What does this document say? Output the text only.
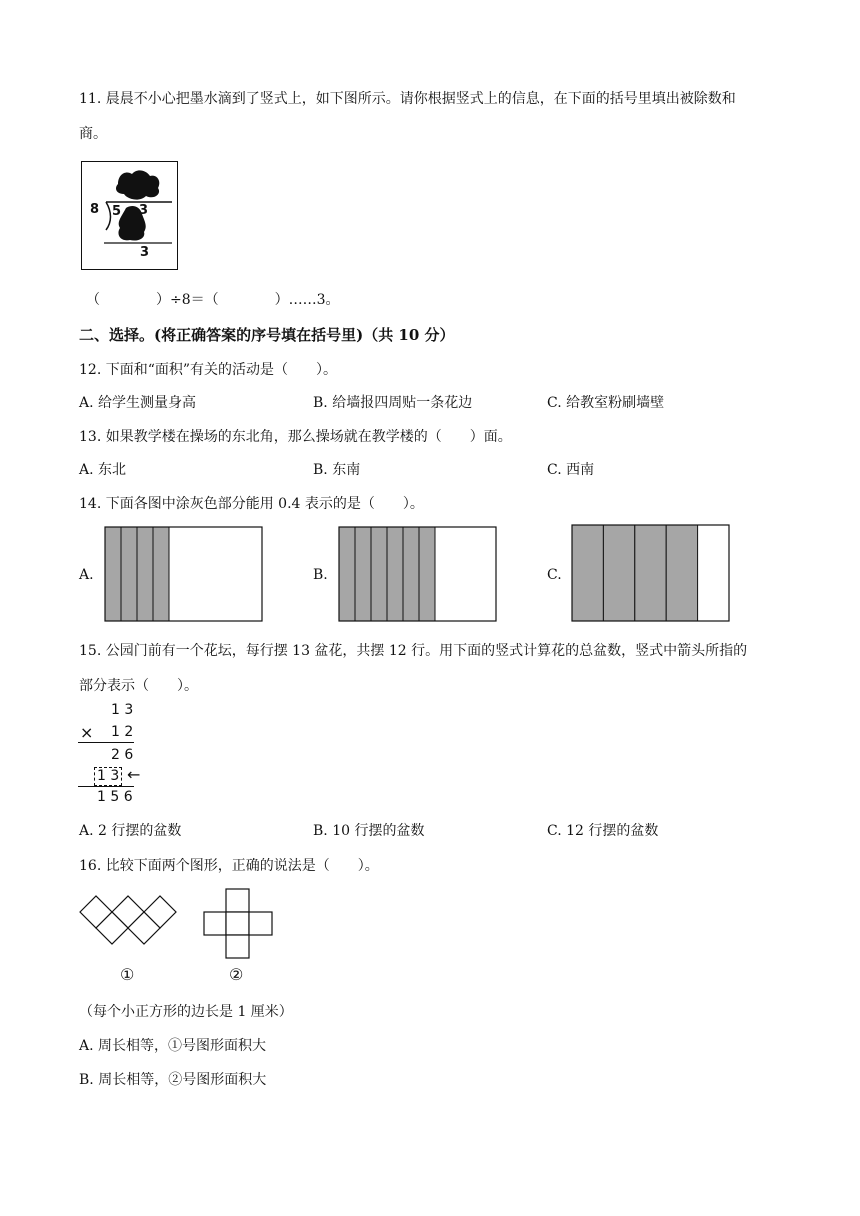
11. 晨晨不小心把墨水滴到了竖式上，如下图所示。请你根据竖式上的信息，在下面的括号里填出被除数和
商。
8 5 3
3
（　　　　）÷8＝（　　　　）……3。
二、选择。(将正确答案的序号填在括号里)（共 10 分）
12. 下面和“面积”有关的活动是（　　）。
A. 给学生测量身高	B. 给墙报四周贴一条花边	C. 给教室粉刷墙壁
13. 如果教学楼在操场的东北角，那么操场就在教学楼的（　　）面。
A. 东北	B. 东南	C. 西南
14. 下面各图中涂灰色部分能用 0.4 表示的是（　　）。
A.	B.	C.
15. 公园门前有一个花坛，每行摆 13 盆花，共摆 12 行。用下面的竖式计算花的总盆数，竖式中箭头所指的
部分表示（　　）。
1 3
× 1 2
2 6
1 3 ←
1 5 6
A. 2 行摆的盆数	B. 10 行摆的盆数	C. 12 行摆的盆数
16. 比较下面两个图形，正确的说法是（　　）。
①	②
（每个小正方形的边长是 1 厘米）
A. 周长相等，①号图形面积大
B. 周长相等，②号图形面积大
